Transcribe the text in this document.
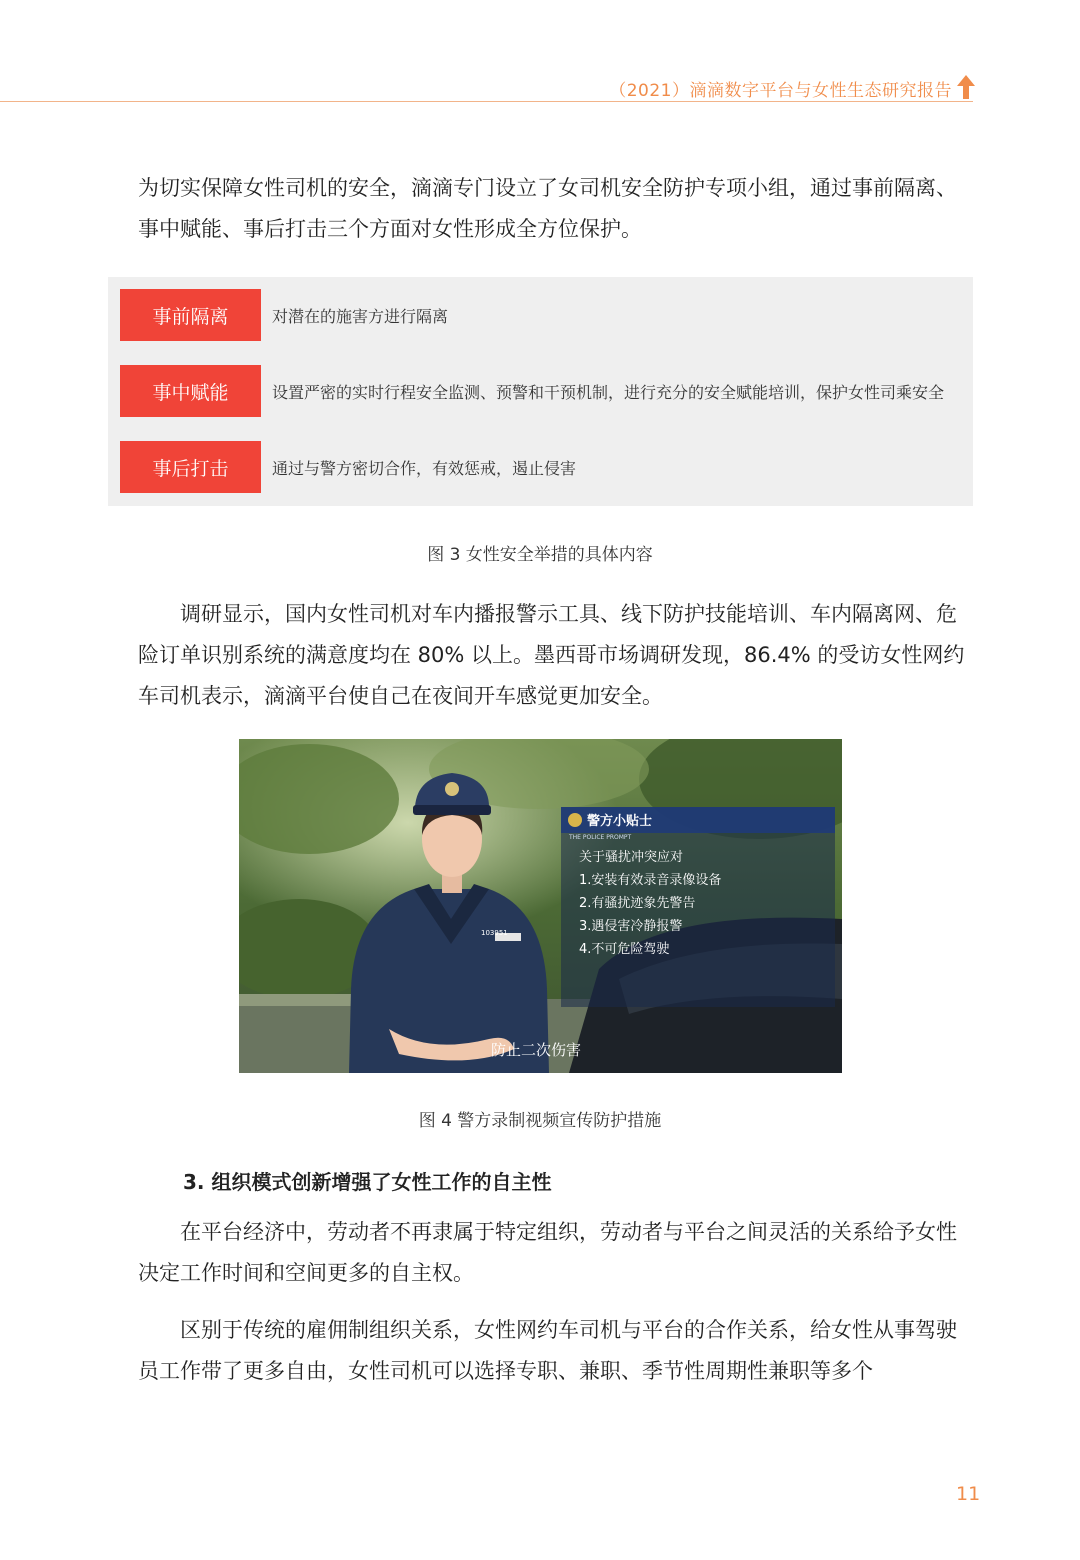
（2021）滴滴数字平台与女性生态研究报告
为切实保障女性司机的安全，滴滴专门设立了女司机安全防护专项小组，通过事前隔离、事中赋能、事后打击三个方面对女性形成全方位保护。
事前隔离	对潜在的施害方进行隔离
事中赋能	设置严密的实时行程安全监测、预警和干预机制，进行充分的安全赋能培训，保护女性司乘安全
事后打击	通过与警方密切合作，有效惩戒，遏止侵害
图 3 女性安全举措的具体内容
调研显示，国内女性司机对车内播报警示工具、线下防护技能培训、车内隔离网、危险订单识别系统的满意度均在 80% 以上。墨西哥市场调研发现，86.4% 的受访女性网约车司机表示，滴滴平台使自己在夜间开车感觉更加安全。
103951
警方小贴士
THE POLICE PROMPT
关于骚扰冲突应对
1.安装有效录音录像设备
2.有骚扰迹象先警告
3.遇侵害冷静报警
4.不可危险驾驶
防止二次伤害
图 4 警方录制视频宣传防护措施
3. 组织模式创新增强了女性工作的自主性
在平台经济中，劳动者不再隶属于特定组织，劳动者与平台之间灵活的关系给予女性决定工作时间和空间更多的自主权。
区别于传统的雇佣制组织关系，女性网约车司机与平台的合作关系，给女性从事驾驶员工作带了更多自由，女性司机可以选择专职、兼职、季节性周期性兼职等多个
11
